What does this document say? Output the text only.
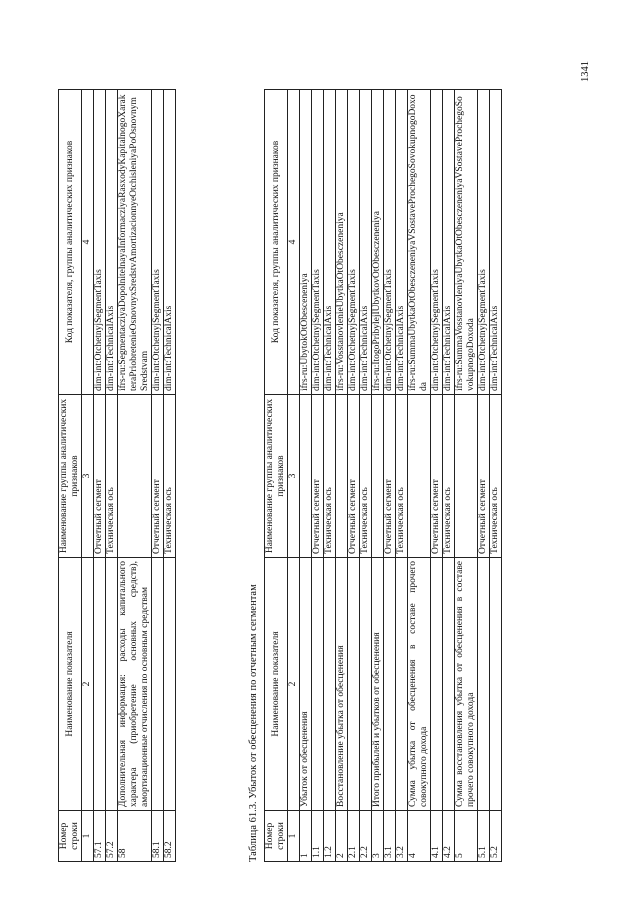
Номер строки	Наименование показателя	Наименование группы аналитических признаков	Код показателя, группы аналитических признаков
1	2	3	4
57.1		Отчетный сегмент	dim-int:OtchetnyjSegmentTaxis
57.2		Техническая ось	dim-int:TechnicalAxis
58	Дополнительная информация: расходы капитального характера (приобретение основных средств), амортизационные отчисления по основным средствам		ifrs-ru:SegmentacziyaDopolnitelnayaInformacziyaRasxodyKapitalnogoXarakteraPriobretenieOsnovnyxSredstvAmortizacionnyeOtchisleniyaPoOsnovnymSredstvam
58.1		Отчетный сегмент	dim-int:OtchetnyjSegmentTaxis
58.2		Техническая ось	dim-int:TechnicalAxis
Таблица 61.3. Убыток от обесценения по отчетным сегментам Номер строки	Наименование показателя	Наименование группы аналитических признаков	Код показателя, группы аналитических признаков
1	2	3	4
1	Убыток от обесценения		ifrs-ru:UbytokOtObesceneniya
1.1		Отчетный сегмент	dim-int:OtchetnyjSegmentTaxis
1.2		Техническая ось	dim-int:TechnicalAxis
2	Восстановление убытка от обесценения		ifrs-ru:VosstanovlenieUbytkaOtObesczeneniya
2.1		Отчетный сегмент	dim-int:OtchetnyjSegmentTaxis
2.2		Техническая ось	dim-int:TechnicalAxis
3	Итого прибылей и убытков от обесценения		ifrs-ru:ItogoPribylejIUbytkovOtObesczeneniya
3.1		Отчетный сегмент	dim-int:OtchetnyjSegmentTaxis
3.2		Техническая ось	dim-int:TechnicalAxis
4	Сумма убытка от обесценения в составе прочего совокупного дохода		ifrs-ru:SummaUbytkaOtObesczeneniyaVSostaveProchegoSovokupnogoDoxoda
4.1		Отчетный сегмент	dim-int:OtchetnyjSegmentTaxis
4.2		Техническая ось	dim-int:TechnicalAxis
5	Сумма восстановления убытка от обесценения в составе прочего совокупного дохода		ifrs-ru:SummaVosstanovleniyaUbytkaOtObesczeneniyaVSostaveProchegoSovokupnogoDoxoda
5.1		Отчетный сегмент	dim-int:OtchetnyjSegmentTaxis
5.2		Техническая ось	dim-int:TechnicalAxis
1341
